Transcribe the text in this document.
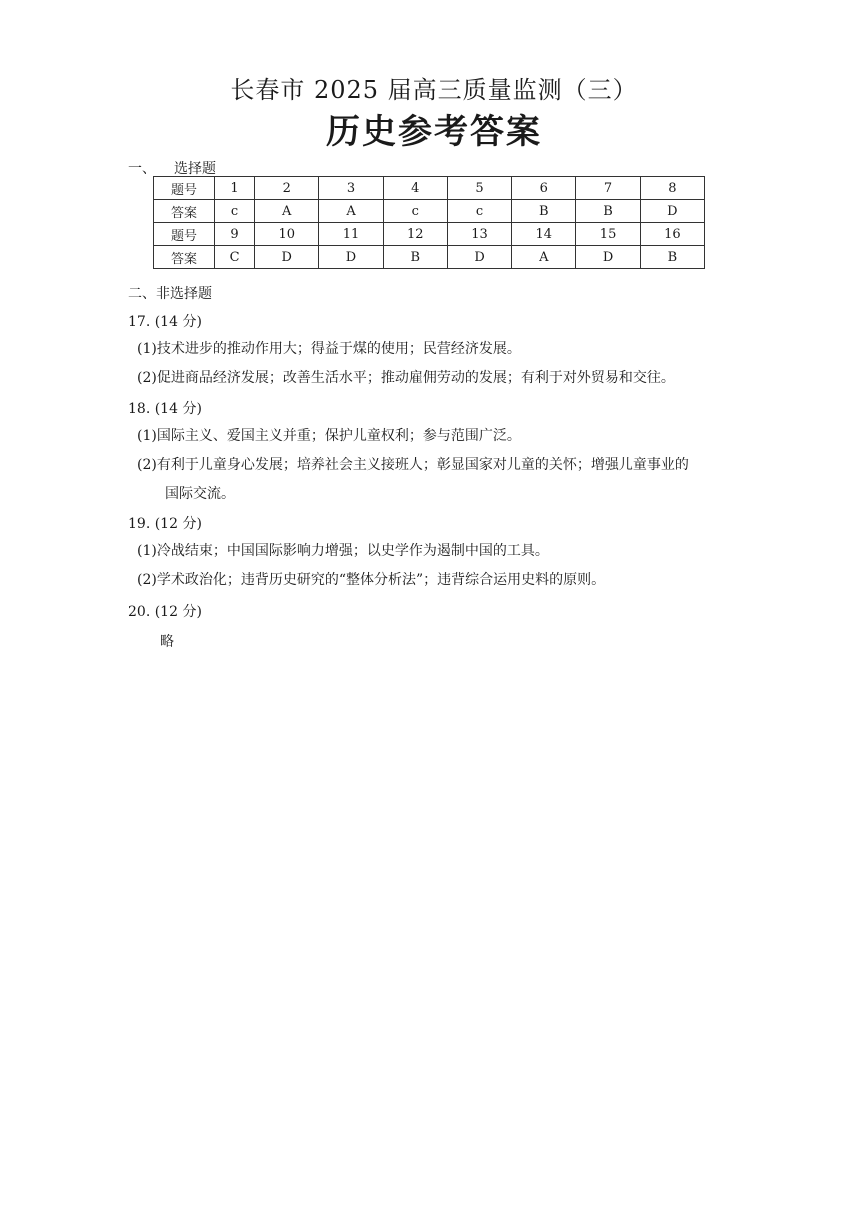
长春市 2025 届高三质量监测（三）
历史参考答案
一、 选择题
题号	1	2	3	4	5	6	7	8
答案	c	A	A	c	c	B	B	D
题号	9	10	11	12	13	14	15	16
答案	C	D	D	B	D	A	D	B
二、非选择题
17. (14 分)
(1)技术进步的推动作用大；得益于煤的使用；民营经济发展。
(2)促进商品经济发展；改善生活水平；推动雇佣劳动的发展；有利于对外贸易和交往。
18. (14 分)
(1)国际主义、爱国主义并重；保护儿童权利；参与范围广泛。
(2)有利于儿童身心发展；培养社会主义接班人；彰显国家对儿童的关怀；增强儿童事业的
国际交流。
19. (12 分)
(1)冷战结束；中国国际影响力增强；以史学作为遏制中国的工具。
(2)学术政治化；违背历史研究的“整体分析法”；违背综合运用史料的原则。
20. (12 分)
略
